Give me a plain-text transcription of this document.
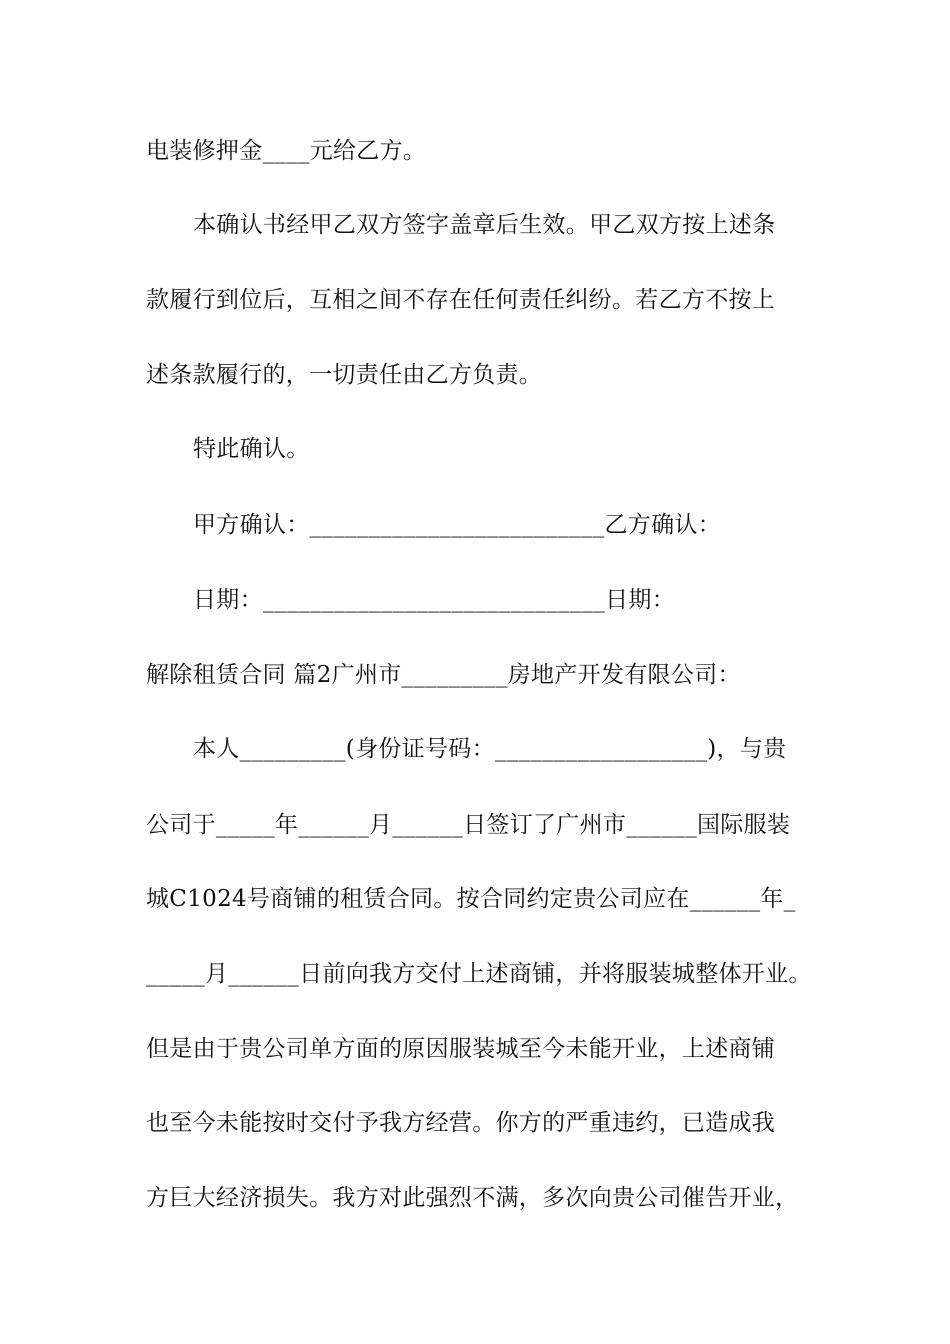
电装修押金____元给乙方。
本确认书经甲乙双方签字盖章后生效。甲乙双方按上述条
款履行到位后，互相之间不存在任何责任纠纷。若乙方不按上
述条款履行的，一切责任由乙方负责。
特此确认。
甲方确认：_________________________乙方确认：
日期：_____________________________日期：
解除租赁合同 篇2广州市_________房地产开发有限公司：
本人_________(身份证号码：__________________)，与贵
公司于_____年______月______日签订了广州市______国际服装
城C1024号商铺的租赁合同。按合同约定贵公司应在______年_
_____月______日前向我方交付上述商铺，并将服装城整体开业。
但是由于贵公司单方面的原因服装城至今未能开业，上述商铺
也至今未能按时交付予我方经营。你方的严重违约，已造成我
方巨大经济损失。我方对此强烈不满，多次向贵公司催告开业，
